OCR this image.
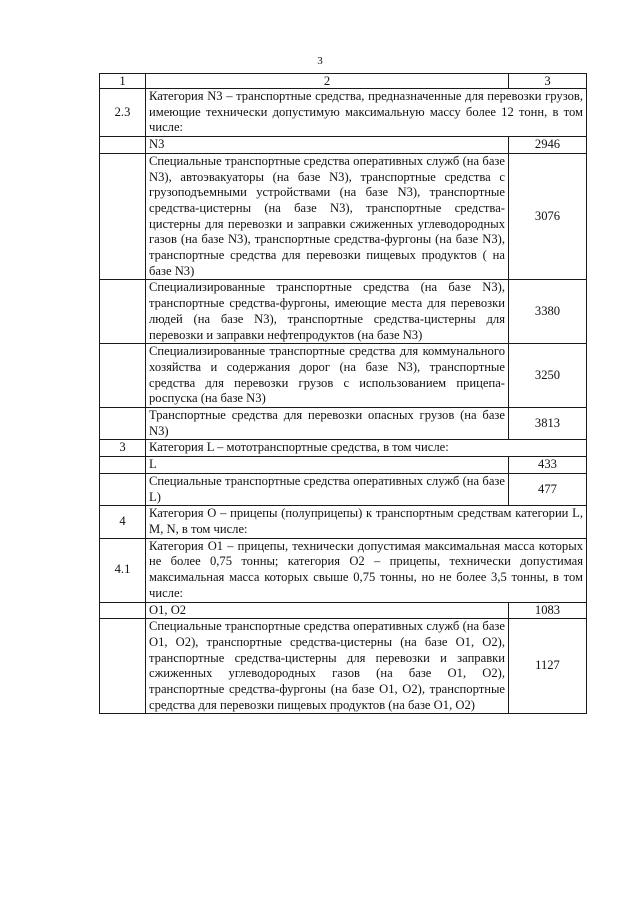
3
1	2	3
2.3	Категория N3 – транспортные средства, предназначенные для перевозки грузов, имеющие технически допустимую максимальную массу более 12 тонн, в том числе:	
	N3	2946
	Специальные транспортные средства оперативных служб (на базе N3), автоэвакуаторы (на базе N3), транспортные средства с грузоподъемными устройствами (на базе N3), транспортные средства-цистерны (на базе N3), транспортные средства-цистерны для перевозки и заправки сжиженных углеводородных газов (на базе N3), транспортные средства-фургоны (на базе N3), транспортные средства для перевозки пищевых продуктов ( на базе N3)	3076
	Специализированные транспортные средства (на базе N3), транспортные средства-фургоны, имеющие места для перевозки людей (на базе N3), транспортные средства-цистерны для перевозки и заправки нефтепродуктов (на базе N3)	3380
	Специализированные транспортные средства для коммунального хозяйства и содержания дорог (на базе N3), транспортные средства для перевозки грузов с использованием прицепа-роспуска (на базе N3)	3250
	Транспортные средства для перевозки опасных грузов (на базе N3)	3813
3	Категория L – мототранспортные средства, в том числе:	
	L	433
	Специальные транспортные средства оперативных служб (на базе L)	477
4	Категория O – прицепы (полуприцепы) к транспортным средствам категории L, M, N, в том числе:	
4.1	Категория O1 – прицепы, технически допустимая максимальная масса которых не более 0,75 тонны; категория O2 – прицепы, технически допустимая максимальная масса которых свыше 0,75 тонны, но не более 3,5 тонны, в том числе:	
	O1, O2	1083
	Специальные транспортные средства оперативных служб (на базе O1, O2), транспортные средства-цистерны (на базе O1, O2), транспортные средства-цистерны для перевозки и заправки сжиженных углеводородных газов (на базе O1, O2), транспортные средства-фургоны (на базе O1, O2), транспортные средства для перевозки пищевых продуктов (на базе O1, O2)	1127
